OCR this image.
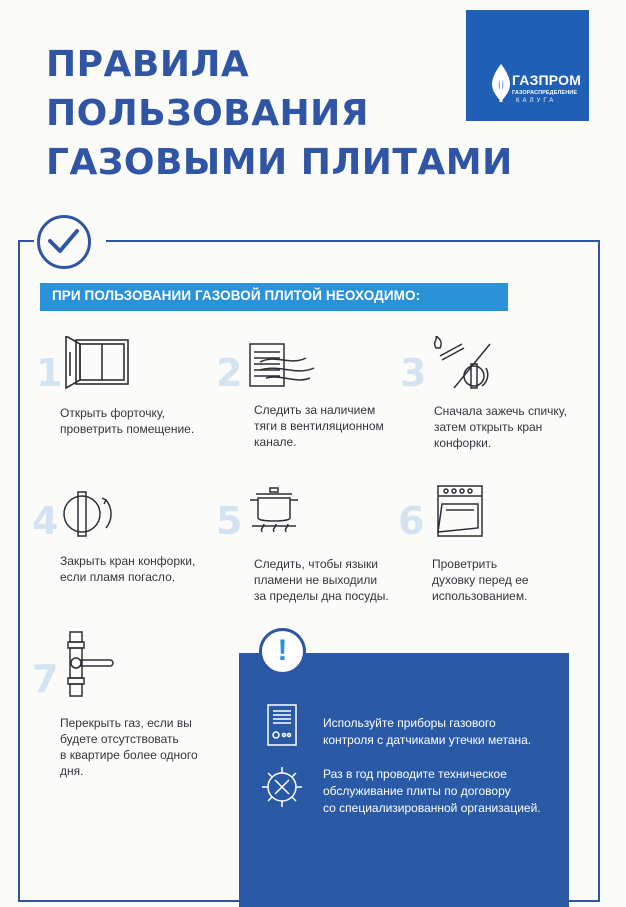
ПРАВИЛА
ПОЛЬЗОВАНИЯ
ГАЗОВЫМИ ПЛИТАМИ
ГАЗПРОМ
ГАЗОРАСПРЕДЕЛЕНИЕ
КАЛУГА
ПРИ ПОЛЬЗОВАНИИ ГАЗОВОЙ ПЛИТОЙ НЕОХОДИМО:
1
Открыть форточку,
проветрить помещение.
2
Следить за наличием
тяги в вентиляционном
канале.
3
Сначала зажечь спичку,
затем открыть кран
конфорки.
4
Закрыть кран конфорки,
если пламя погасло.
5
Следить, чтобы языки
пламени не выходили
за пределы дна посуды.
6
Проветрить
духовку перед ее
использованием.
7
Перекрыть газ, если вы
будете отсутствовать
в квартире более одного
дня.
!
Используйте приборы газового
контроля с датчиками утечки метана.
Раз в год проводите техническое
обслуживание плиты по договору
со специализированной организацией.
